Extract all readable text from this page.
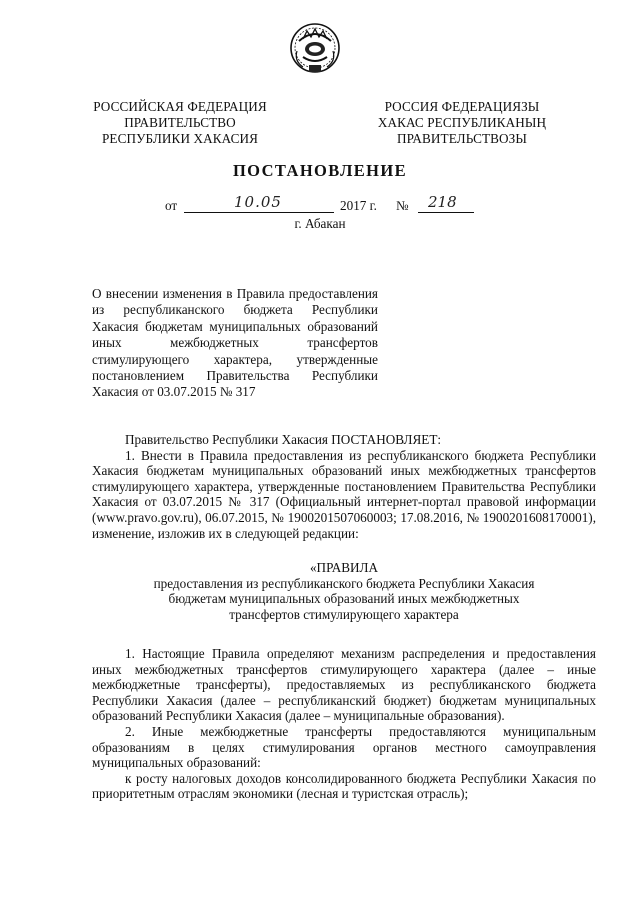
РОССИЙСКАЯ ФЕДЕРАЦИЯ
ПРАВИТЕЛЬСТВО
РЕСПУБЛИКИ ХАКАСИЯ
РОССИЯ ФЕДЕРАЦИЯЗЫ
ХАКАС РЕСПУБЛИКАНЫҢ
ПРАВИТЕЛЬСТВОЗЫ
ПОСТАНОВЛЕНИЕ
от	10.05	2017 г. № 218
г. Абакан

О внесении изменения в Правила предоставления из республиканского бюджета Республики Хакасия бюджетам муниципальных образований иных межбюджетных трансфертов стимулирующего характера, утвержденные постановлением Правительства Республики Хакасия от 03.07.2015 № 317

Правительство Республики Хакасия ПОСТАНОВЛЯЕТ:

1. Внести в Правила предоставления из республиканского бюджета Республики Хакасия бюджетам муниципальных образований иных межбюджетных трансфертов стимулирующего характера, утвержденные постановлением Правительства Республики Хакасия от 03.07.2015 № 317 (Официальный интернет-портал правовой информации (www.pravo.gov.ru), 06.07.2015, № 1900201507060003; 17.08.2016, № 1900201608170001), изменение, изложив их в следующей редакции:

«ПРАВИЛА
предоставления из республиканского бюджета Республики Хакасия
бюджетам муниципальных образований иных межбюджетных
трансфертов стимулирующего характера

1. Настоящие Правила определяют механизм распределения и предоставления иных межбюджетных трансфертов стимулирующего характера (далее – иные межбюджетные трансферты), предоставляемых из республиканского бюджета Республики Хакасия (далее – республиканский бюджет) бюджетам муниципальных образований Республики Хакасия (далее – муниципальные образования).

2. Иные межбюджетные трансферты предоставляются муниципальным образованиям в целях стимулирования органов местного самоуправления муниципальных образований:

к росту налоговых доходов консолидированного бюджета Республики Хакасия по приоритетным отраслям экономики (лесная и туристская отрасль);
